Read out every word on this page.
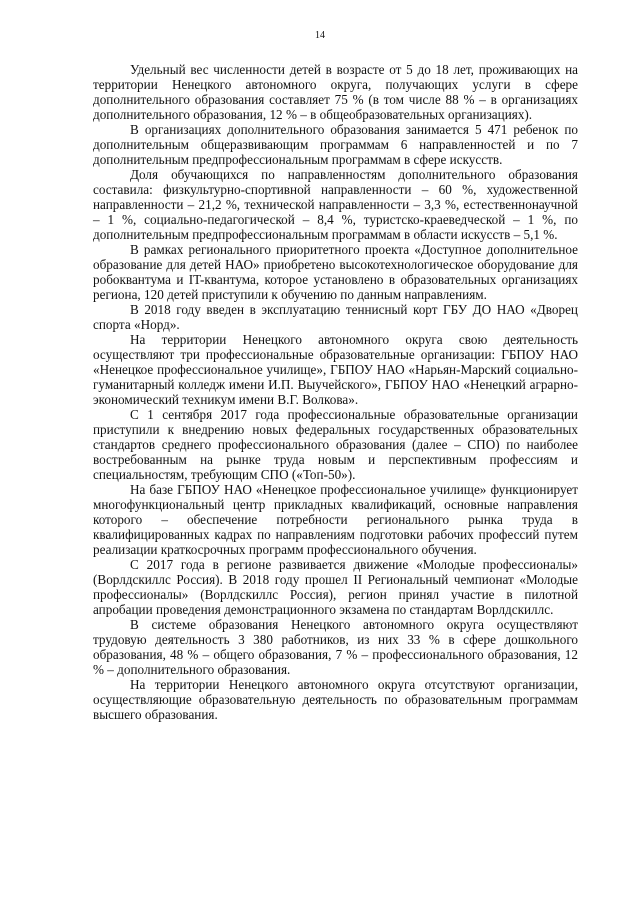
14

Удельный вес численности детей в возрасте от 5 до 18 лет, проживающих на территории Ненецкого автономного округа, получающих услуги в сфере дополнительного образования составляет 75 % (в том числе 88 % – в организациях дополнительного образования, 12 % – в общеобразовательных организациях).

В организациях дополнительного образования занимается 5 471 ребенок по дополнительным общеразвивающим программам 6 направленностей и по 7 дополнительным предпрофессиональным программам в сфере искусств.

Доля обучающихся по направленностям дополнительного образования составила: физкультурно-спортивной направленности – 60 %, художественной направленности – 21,2 %, технической направленности – 3,3 %, естественнонаучной – 1 %, социально-педагогической – 8,4 %, туристско-краеведческой – 1 %, по дополнительным предпрофессиональным программам в области искусств – 5,1 %.

В рамках регионального приоритетного проекта «Доступное дополнительное образование для детей НАО» приобретено высокотехнологическое оборудование для робоквантума и IT-квантума, которое установлено в образовательных организациях региона, 120 детей приступили к обучению по данным направлениям.

В 2018 году введен в эксплуатацию теннисный корт ГБУ ДО НАО «Дворец спорта «Норд».

На территории Ненецкого автономного округа свою деятельность осуществляют три профессиональные образовательные организации: ГБПОУ НАО «Ненецкое профессиональное училище», ГБПОУ НАО «Нарьян-Марский социально-гуманитарный колледж имени И.П. Выучейского», ГБПОУ НАО «Ненецкий аграрно-экономический техникум имени В.Г. Волкова».

С 1 сентября 2017 года профессиональные образовательные организации приступили к внедрению новых федеральных государственных образовательных стандартов среднего профессионального образования (далее – СПО) по наиболее востребованным на рынке труда новым и перспективным профессиям и специальностям, требующим СПО («Топ-50»).

На базе ГБПОУ НАО «Ненецкое профессиональное училище» функционирует многофункциональный центр прикладных квалификаций, основные направления которого – обеспечение потребности регионального рынка труда в квалифицированных кадрах по направлениям подготовки рабочих профессий путем реализации краткосрочных программ профессионального обучения.

С 2017 года в регионе развивается движение «Молодые профессионалы» (Ворлдскиллс Россия). В 2018 году прошел II Региональный чемпионат «Молодые профессионалы» (Ворлдскиллс Россия), регион принял участие в пилотной апробации проведения демонстрационного экзамена по стандартам Ворлдскиллс.

В системе образования Ненецкого автономного округа осуществляют трудовую деятельность 3 380 работников, из них 33 % в сфере дошкольного образования, 48 % – общего образования, 7 % – профессионального образования, 12 % – дополнительного образования.

На территории Ненецкого автономного округа отсутствуют организации, осуществляющие образовательную деятельность по образовательным программам высшего образования.
